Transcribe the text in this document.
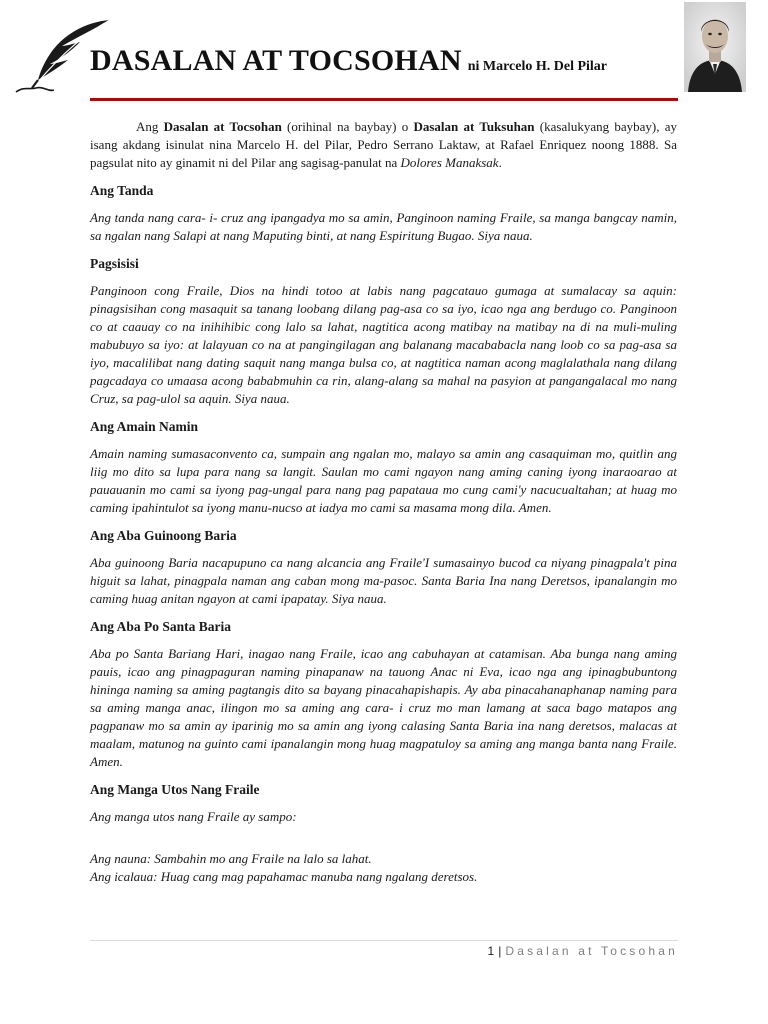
DASALAN AT TOCSOHAN ni Marcelo H. Del Pilar

Ang Dasalan at Tocsohan (orihinal na baybay) o Dasalan at Tuksuhan (kasalukyang baybay), ay isang akdang isinulat nina Marcelo H. del Pilar, Pedro Serrano Laktaw, at Rafael Enriquez noong 1888. Sa pagsulat nito ay ginamit ni del Pilar ang sagisag-panulat na Dolores Manaksak.

Ang Tanda

Ang tanda nang cara- i- cruz ang ipangadya mo sa amin, Panginoon naming Fraile, sa manga bangcay namin, sa ngalan nang Salapi at nang Maputing binti, at nang Espiritung Bugao. Siya naua.

Pagsisisi

Panginoon cong Fraile, Dios na hindi totoo at labis nang pagcatauo gumaga at sumalacay sa aquin: pinagsisihan cong masaquit sa tanang loobang dilang pag-asa co sa iyo, icao nga ang berdugo co. Panginoon co at caauay co na inihihibic cong lalo sa lahat, nagtitica acong matibay na matibay na di na muli-muling mabubuyo sa iyo: at lalayuan co na at pangingilagan ang balanang macababacla nang loob co sa pag-asa sa iyo, macalilibat nang dating saquit nang manga bulsa co, at nagtitica naman acong maglalathala nang dilang pagcadaya co umaasa acong bababmuhin ca rin, alang-alang sa mahal na pasyion at pangangalacal mo nang Cruz, sa pag-ulol sa aquin. Siya naua.

Ang Amain Namin

Amain naming sumasaconvento ca, sumpain ang ngalan mo, malayo sa amin ang casaquiman mo, quitlin ang liig mo dito sa lupa para nang sa langit. Saulan mo cami ngayon nang aming caning iyong inaraoarao at pauauanin mo cami sa iyong pag-ungal para nang pag papataua mo cung cami'y nacucualtahan; at huag mo caming ipahintulot sa iyong manu-nucso at iadya mo cami sa masama mong dila. Amen.

Ang Aba Guinoong Baria

Aba guinoong Baria nacapupuno ca nang alcancia ang Fraile'I sumasainyo bucod ca niyang pinagpala't pina higuit sa lahat, pinagpala naman ang caban mong ma-pasoc. Santa Baria Ina nang Deretsos, ipanalangin mo caming huag anitan ngayon at cami ipapatay. Siya naua.

Ang Aba Po Santa Baria

Aba po Santa Bariang Hari, inagao nang Fraile, icao ang cabuhayan at catamisan. Aba bunga nang aming pauis, icao ang pinagpaguran naming pinapanaw na tauong Anac ni Eva, icao nga ang ipinagbubuntong hininga naming sa aming pagtangis dito sa bayang pinacahapishapis. Ay aba pinacahanaphanap naming para sa aming manga anac, ilingon mo sa aming ang cara- i cruz mo man lamang at saca bago matapos ang pagpanaw mo sa amin ay iparinig mo sa amin ang iyong calasing Santa Baria ina nang deretsos, malacas at maalam, matunog na guinto cami ipanalangin mong huag magpatuloy sa aming ang manga banta nang Fraile. Amen.

Ang Manga Utos Nang Fraile

Ang manga utos nang Fraile ay sampo:

Ang nauna: Sambahin mo ang Fraile na lalo sa lahat.
Ang icalaua: Huag cang mag papahamac manuba nang ngalang deretsos.
1 | Dasalan at Tocsohan
